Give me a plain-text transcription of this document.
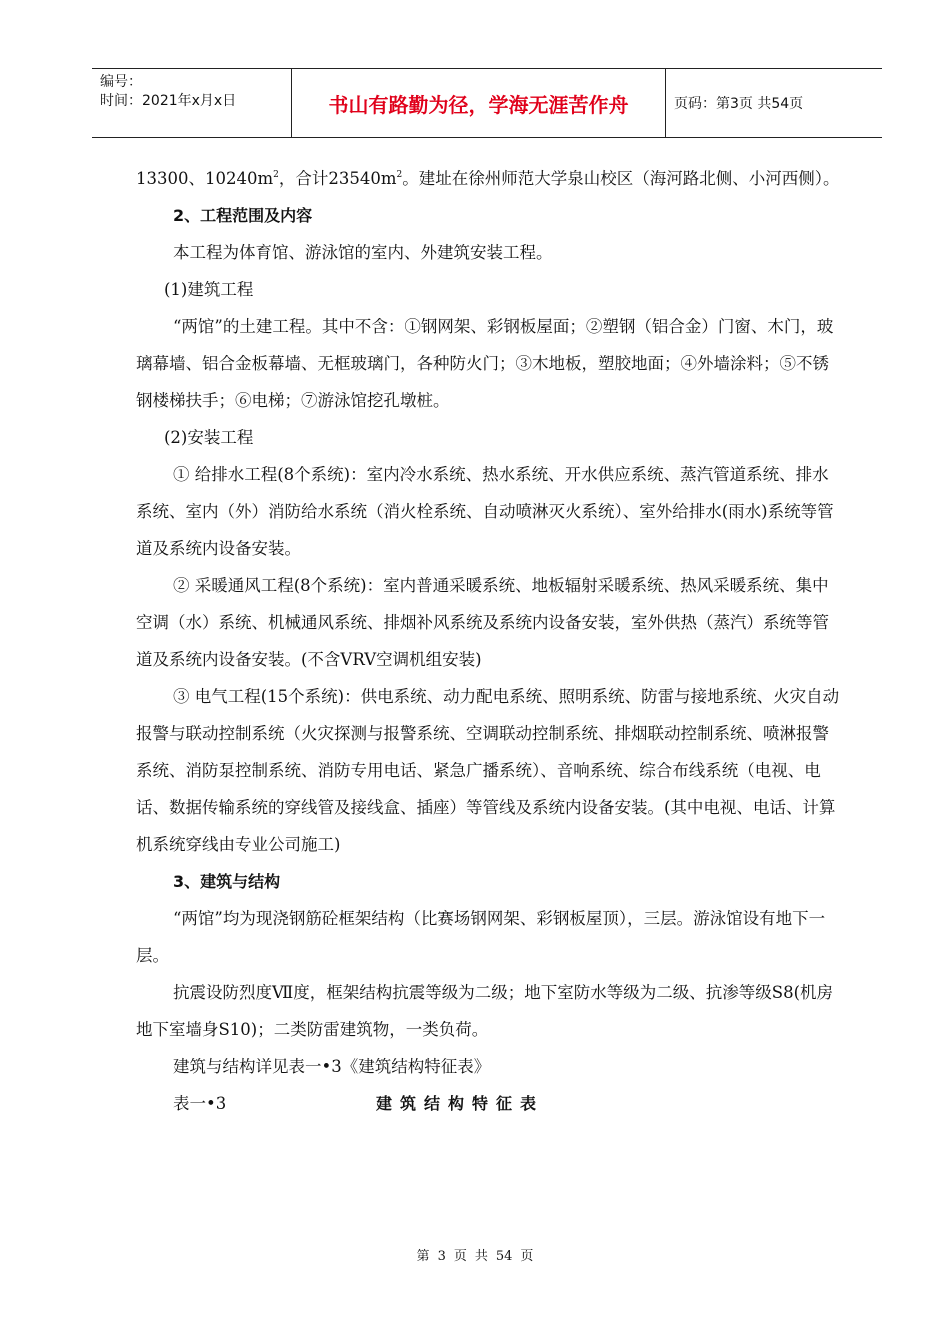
编号：
时间：2021年x月x日	书山有路勤为径，学海无涯苦作舟	页码：第3页 共54页

13300、$10240m^2$，合计$23540m^2$。建址在徐州师范大学泉山校区（海河路北侧、小河西侧）。

2、工程范围及内容

本工程为体育馆、游泳馆的室内、外建筑安装工程。

(1)建筑工程

“两馆”的土建工程。其中不含：①钢网架、彩钢板屋面；②塑钢（铝合金）门窗、木门，玻璃幕墙、铝合金板幕墙、无框玻璃门，各种防火门；③木地板，塑胶地面；④外墙涂料；⑤不锈钢楼梯扶手；⑥电梯；⑦游泳馆挖孔墩桩。

(2)安装工程

① 给排水工程(8个系统)：室内冷水系统、热水系统、开水供应系统、蒸汽管道系统、排水系统、室内（外）消防给水系统（消火栓系统、自动喷淋灭火系统）、室外给排水(雨水)系统等管道及系统内设备安装。

② 采暖通风工程(8个系统)：室内普通采暖系统、地板辐射采暖系统、热风采暖系统、集中空调（水）系统、机械通风系统、排烟补风系统及系统内设备安装，室外供热（蒸汽）系统等管道及系统内设备安装。(不含VRV空调机组安装)

③ 电气工程(15个系统)：供电系统、动力配电系统、照明系统、防雷与接地系统、火灾自动报警与联动控制系统（火灾探测与报警系统、空调联动控制系统、排烟联动控制系统、喷淋报警系统、消防泵控制系统、消防专用电话、紧急广播系统）、音响系统、综合布线系统（电视、电话、数据传输系统的穿线管及接线盒、插座）等管线及系统内设备安装。(其中电视、电话、计算机系统穿线由专业公司施工)

3、建筑与结构

“两馆”均为现浇钢筋砼框架结构（比赛场钢网架、彩钢板屋顶），三层。游泳馆设有地下一层。

抗震设防烈度Ⅶ度，框架结构抗震等级为二级；地下室防水等级为二级、抗渗等级S8(机房地下室墙身S10)；二类防雷建筑物，一类负荷。

建筑与结构详见表一•3《建筑结构特征表》

表一•3	建筑结构特征表
第 3 页 共 54 页
